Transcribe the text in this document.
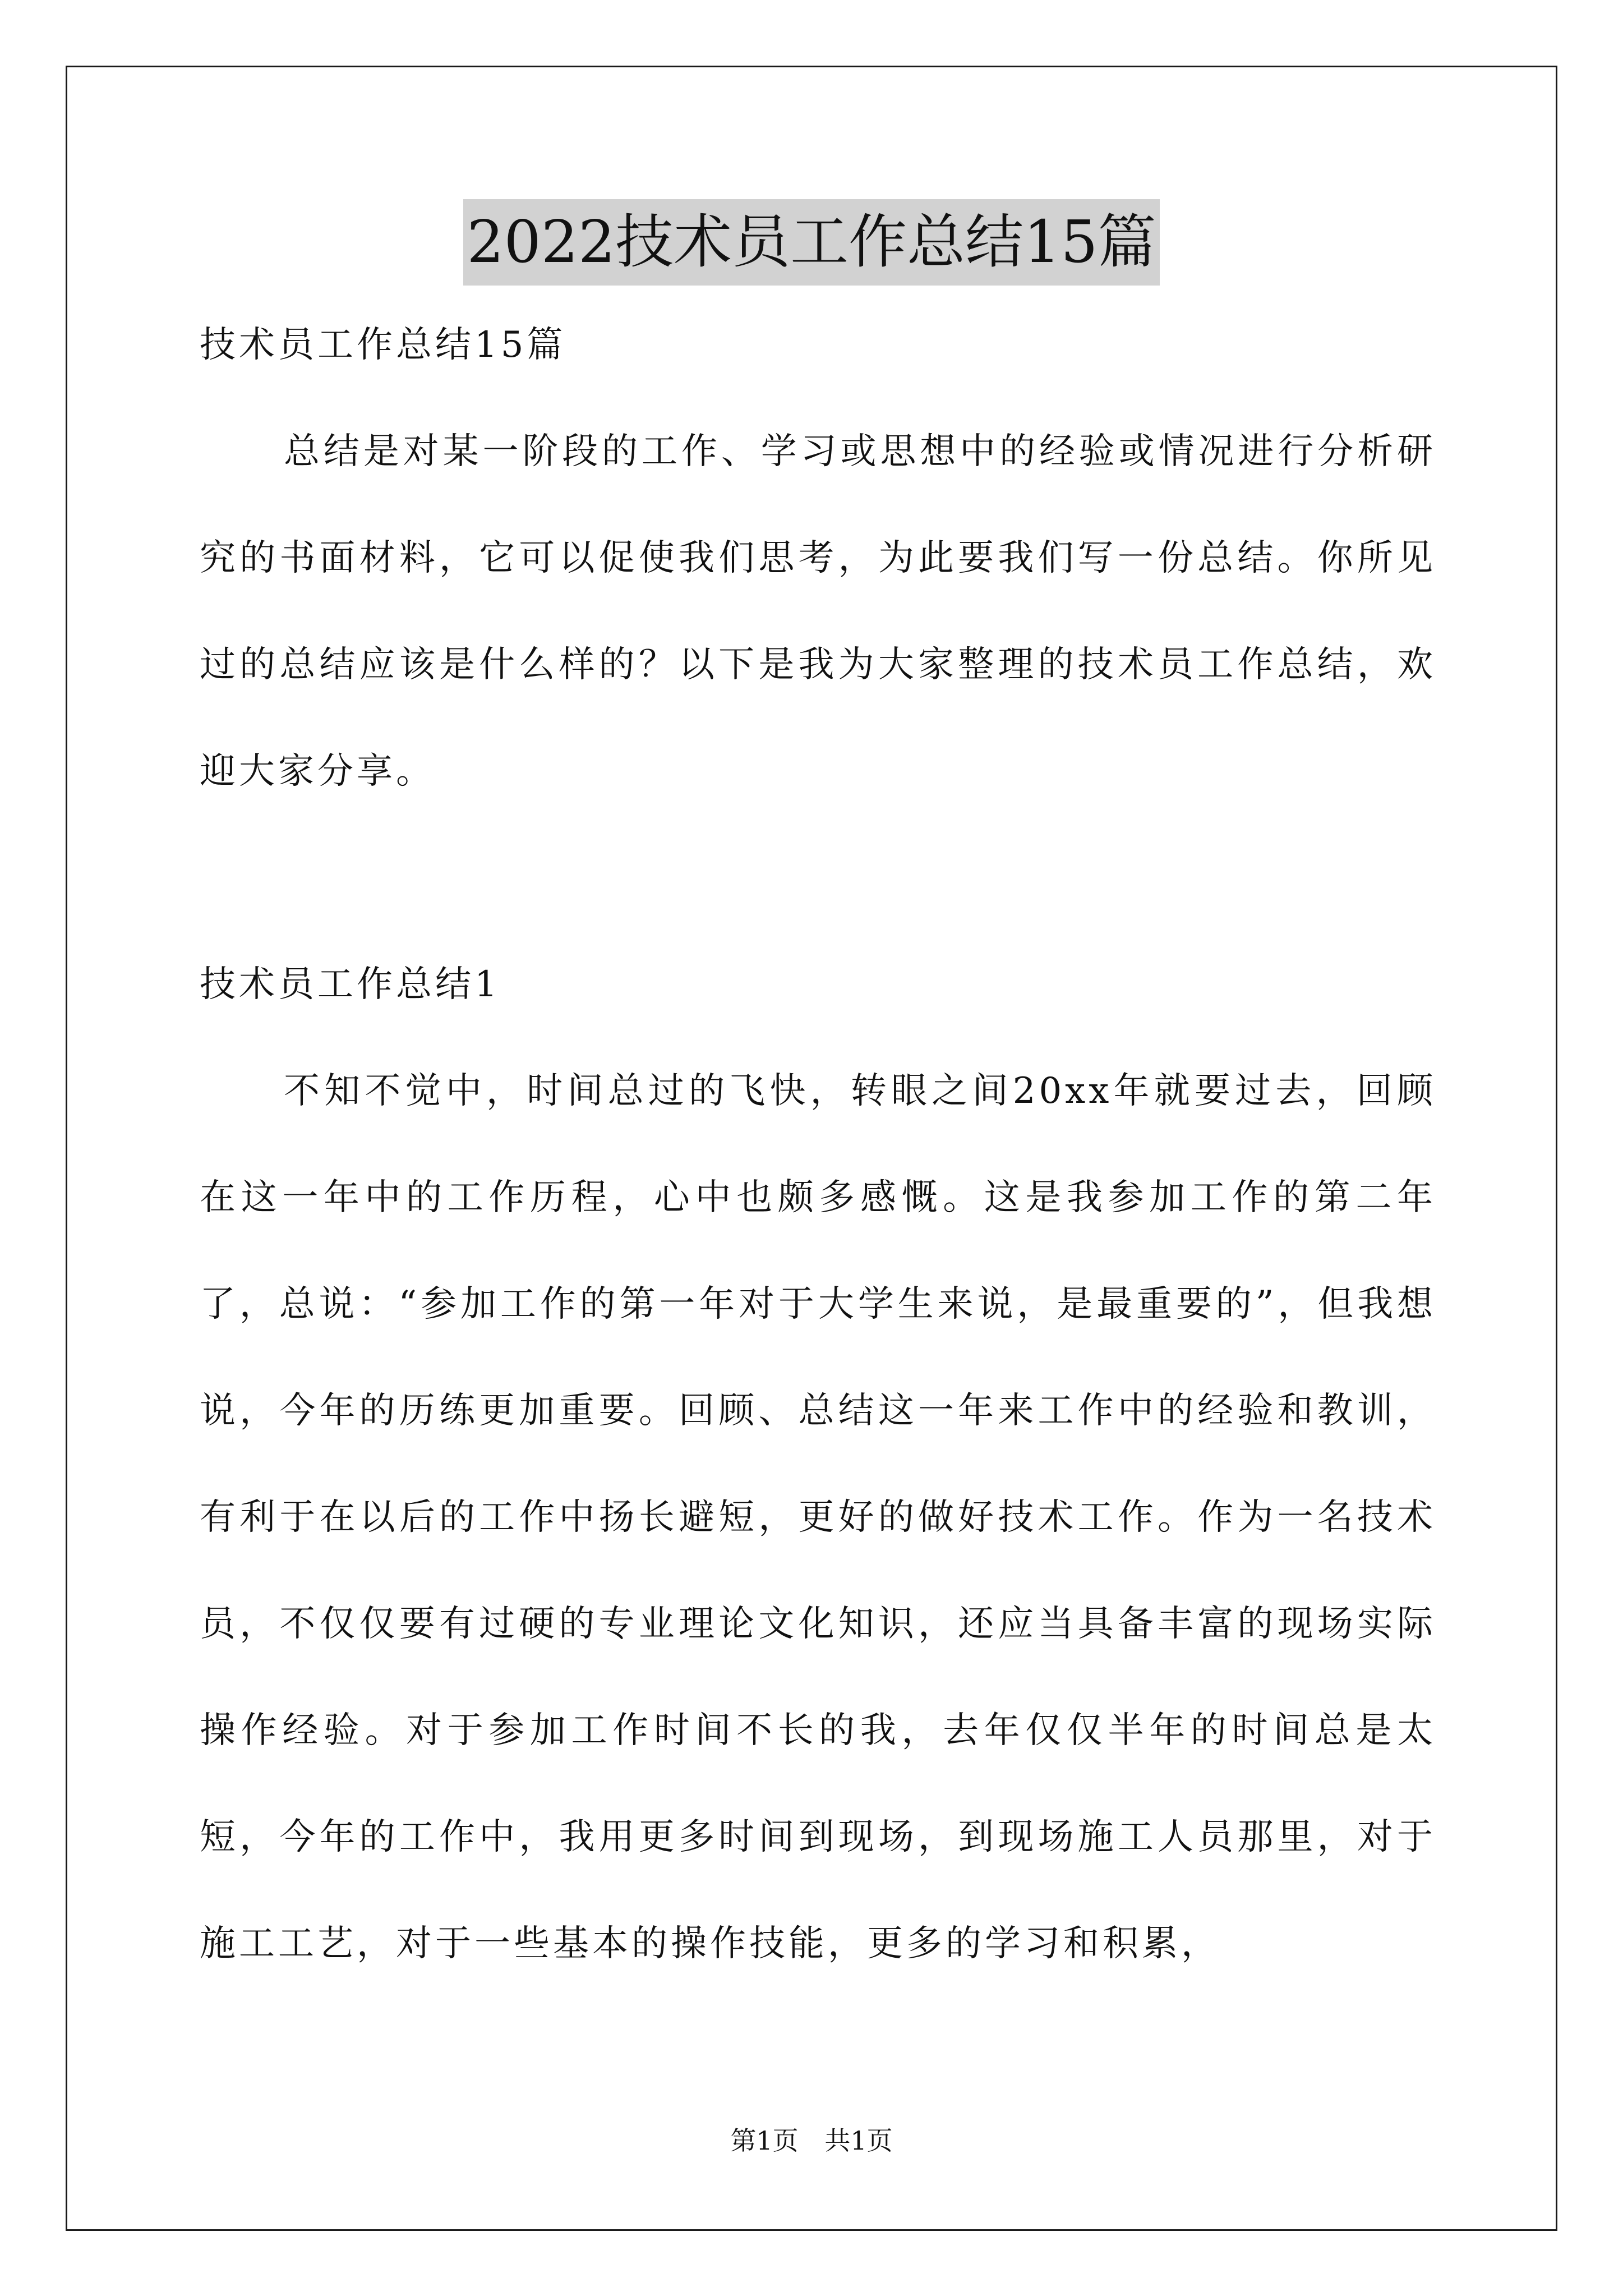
2022技术员工作总结15篇

技术员工作总结15篇

总结是对某一阶段的工作、学习或思想中的经验或情况进行分析研究的书面材料，它可以促使我们思考，为此要我们写一份总结。你所见过的总结应该是什么样的？以下是我为大家整理的技术员工作总结，欢迎大家分享。

技术员工作总结1

不知不觉中，时间总过的飞快，转眼之间20xx年就要过去，回顾在这一年中的工作历程，心中也颇多感慨。这是我参加工作的第二年了，总说：“参加工作的第一年对于大学生来说，是最重要的”，但我想说，今年的历练更加重要。回顾、总结这一年来工作中的经验和教训，有利于在以后的工作中扬长避短，更好的做好技术工作。作为一名技术员，不仅仅要有过硬的专业理论文化知识，还应当具备丰富的现场实际操作经验。对于参加工作时间不长的我，去年仅仅半年的时间总是太短，今年的工作中，我用更多时间到现场，到现场施工人员那里，对于施工工艺，对于一些基本的操作技能，更多的学习和积累，

第1页 共1页
